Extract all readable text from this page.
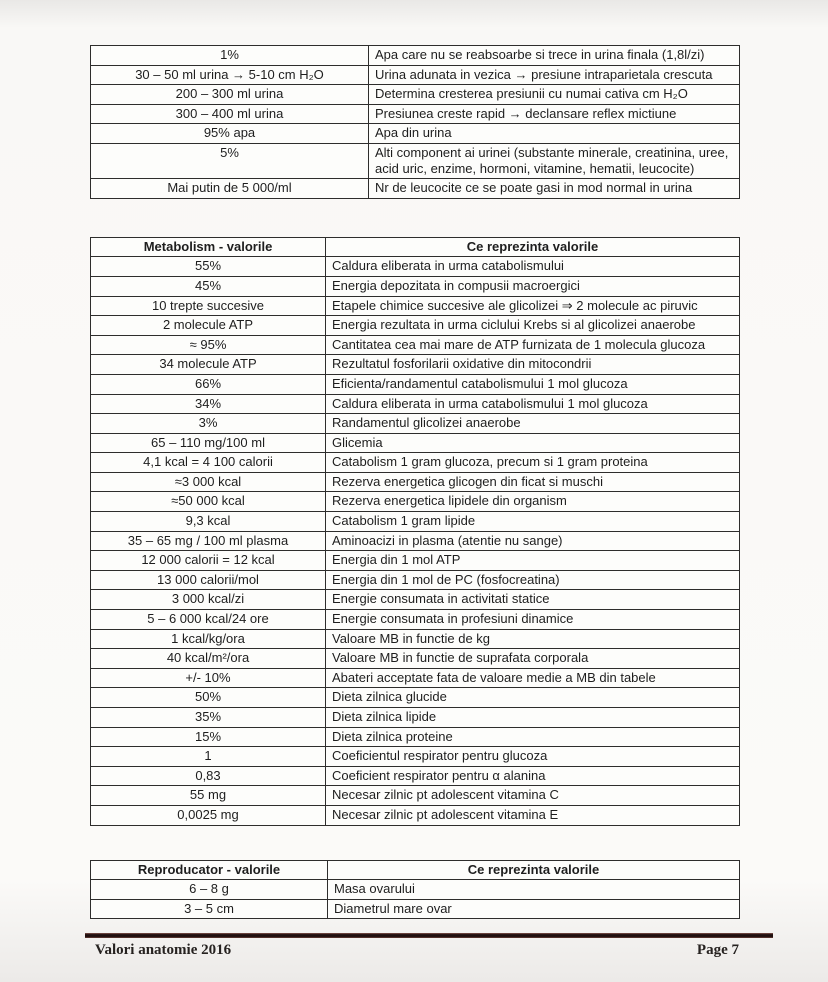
1%	Apa care nu se reabsoarbe si trece in urina finala (1,8l/zi)
30 – 50 ml urina → 5-10 cm H₂O	Urina adunata in vezica → presiune intraparietala crescuta
200 – 300 ml urina	Determina cresterea presiunii cu numai cativa cm H₂O
300 – 400 ml urina	Presiunea creste rapid → declansare reflex mictiune
95% apa	Apa din urina
5%	Alti component ai urinei (substante minerale, creatinina, uree, acid uric, enzime, hormoni, vitamine, hematii, leucocite)
Mai putin de 5 000/ml	Nr de leucocite ce se poate gasi in mod normal in urina
Metabolism - valorile	Ce reprezinta valorile
55%	Caldura eliberata in urma catabolismului
45%	Energia depozitata in compusii macroergici
10 trepte succesive	Etapele chimice succesive ale glicolizei ⇒ 2 molecule ac piruvic
2 molecule ATP	Energia rezultata in urma ciclului Krebs si al glicolizei anaerobe
≈ 95%	Cantitatea cea mai mare de ATP furnizata de 1 molecula glucoza
34 molecule ATP	Rezultatul fosforilarii oxidative din mitocondrii
66%	Eficienta/randamentul catabolismului 1 mol glucoza
34%	Caldura eliberata in urma catabolismului 1 mol glucoza
3%	Randamentul glicolizei anaerobe
65 – 110 mg/100 ml	Glicemia
4,1 kcal = 4 100 calorii	Catabolism 1 gram glucoza, precum si 1 gram proteina
≈3 000 kcal	Rezerva energetica glicogen din ficat si muschi
≈50 000 kcal	Rezerva energetica lipidele din organism
9,3 kcal	Catabolism 1 gram lipide
35 – 65 mg / 100 ml plasma	Aminoacizi in plasma (atentie nu sange)
12 000 calorii = 12 kcal	Energia din 1 mol ATP
13 000 calorii/mol	Energia din 1 mol de PC (fosfocreatina)
3 000 kcal/zi	Energie consumata in activitati statice
5 – 6 000 kcal/24 ore	Energie consumata in profesiuni dinamice
1 kcal/kg/ora	Valoare MB in functie de kg
40 kcal/m²/ora	Valoare MB in functie de suprafata corporala
+/- 10%	Abateri acceptate fata de valoare medie a MB din tabele
50%	Dieta zilnica glucide
35%	Dieta zilnica lipide
15%	Dieta zilnica proteine
1	Coeficientul respirator pentru glucoza
0,83	Coeficient respirator pentru α alanina
55 mg	Necesar zilnic pt adolescent vitamina C
0,0025 mg	Necesar zilnic pt adolescent vitamina E
Reproducator - valorile	Ce reprezinta valorile
6 – 8 g	Masa ovarului
3 – 5 cm	Diametrul mare ovar
Valori anatomie 2016	Page 7
